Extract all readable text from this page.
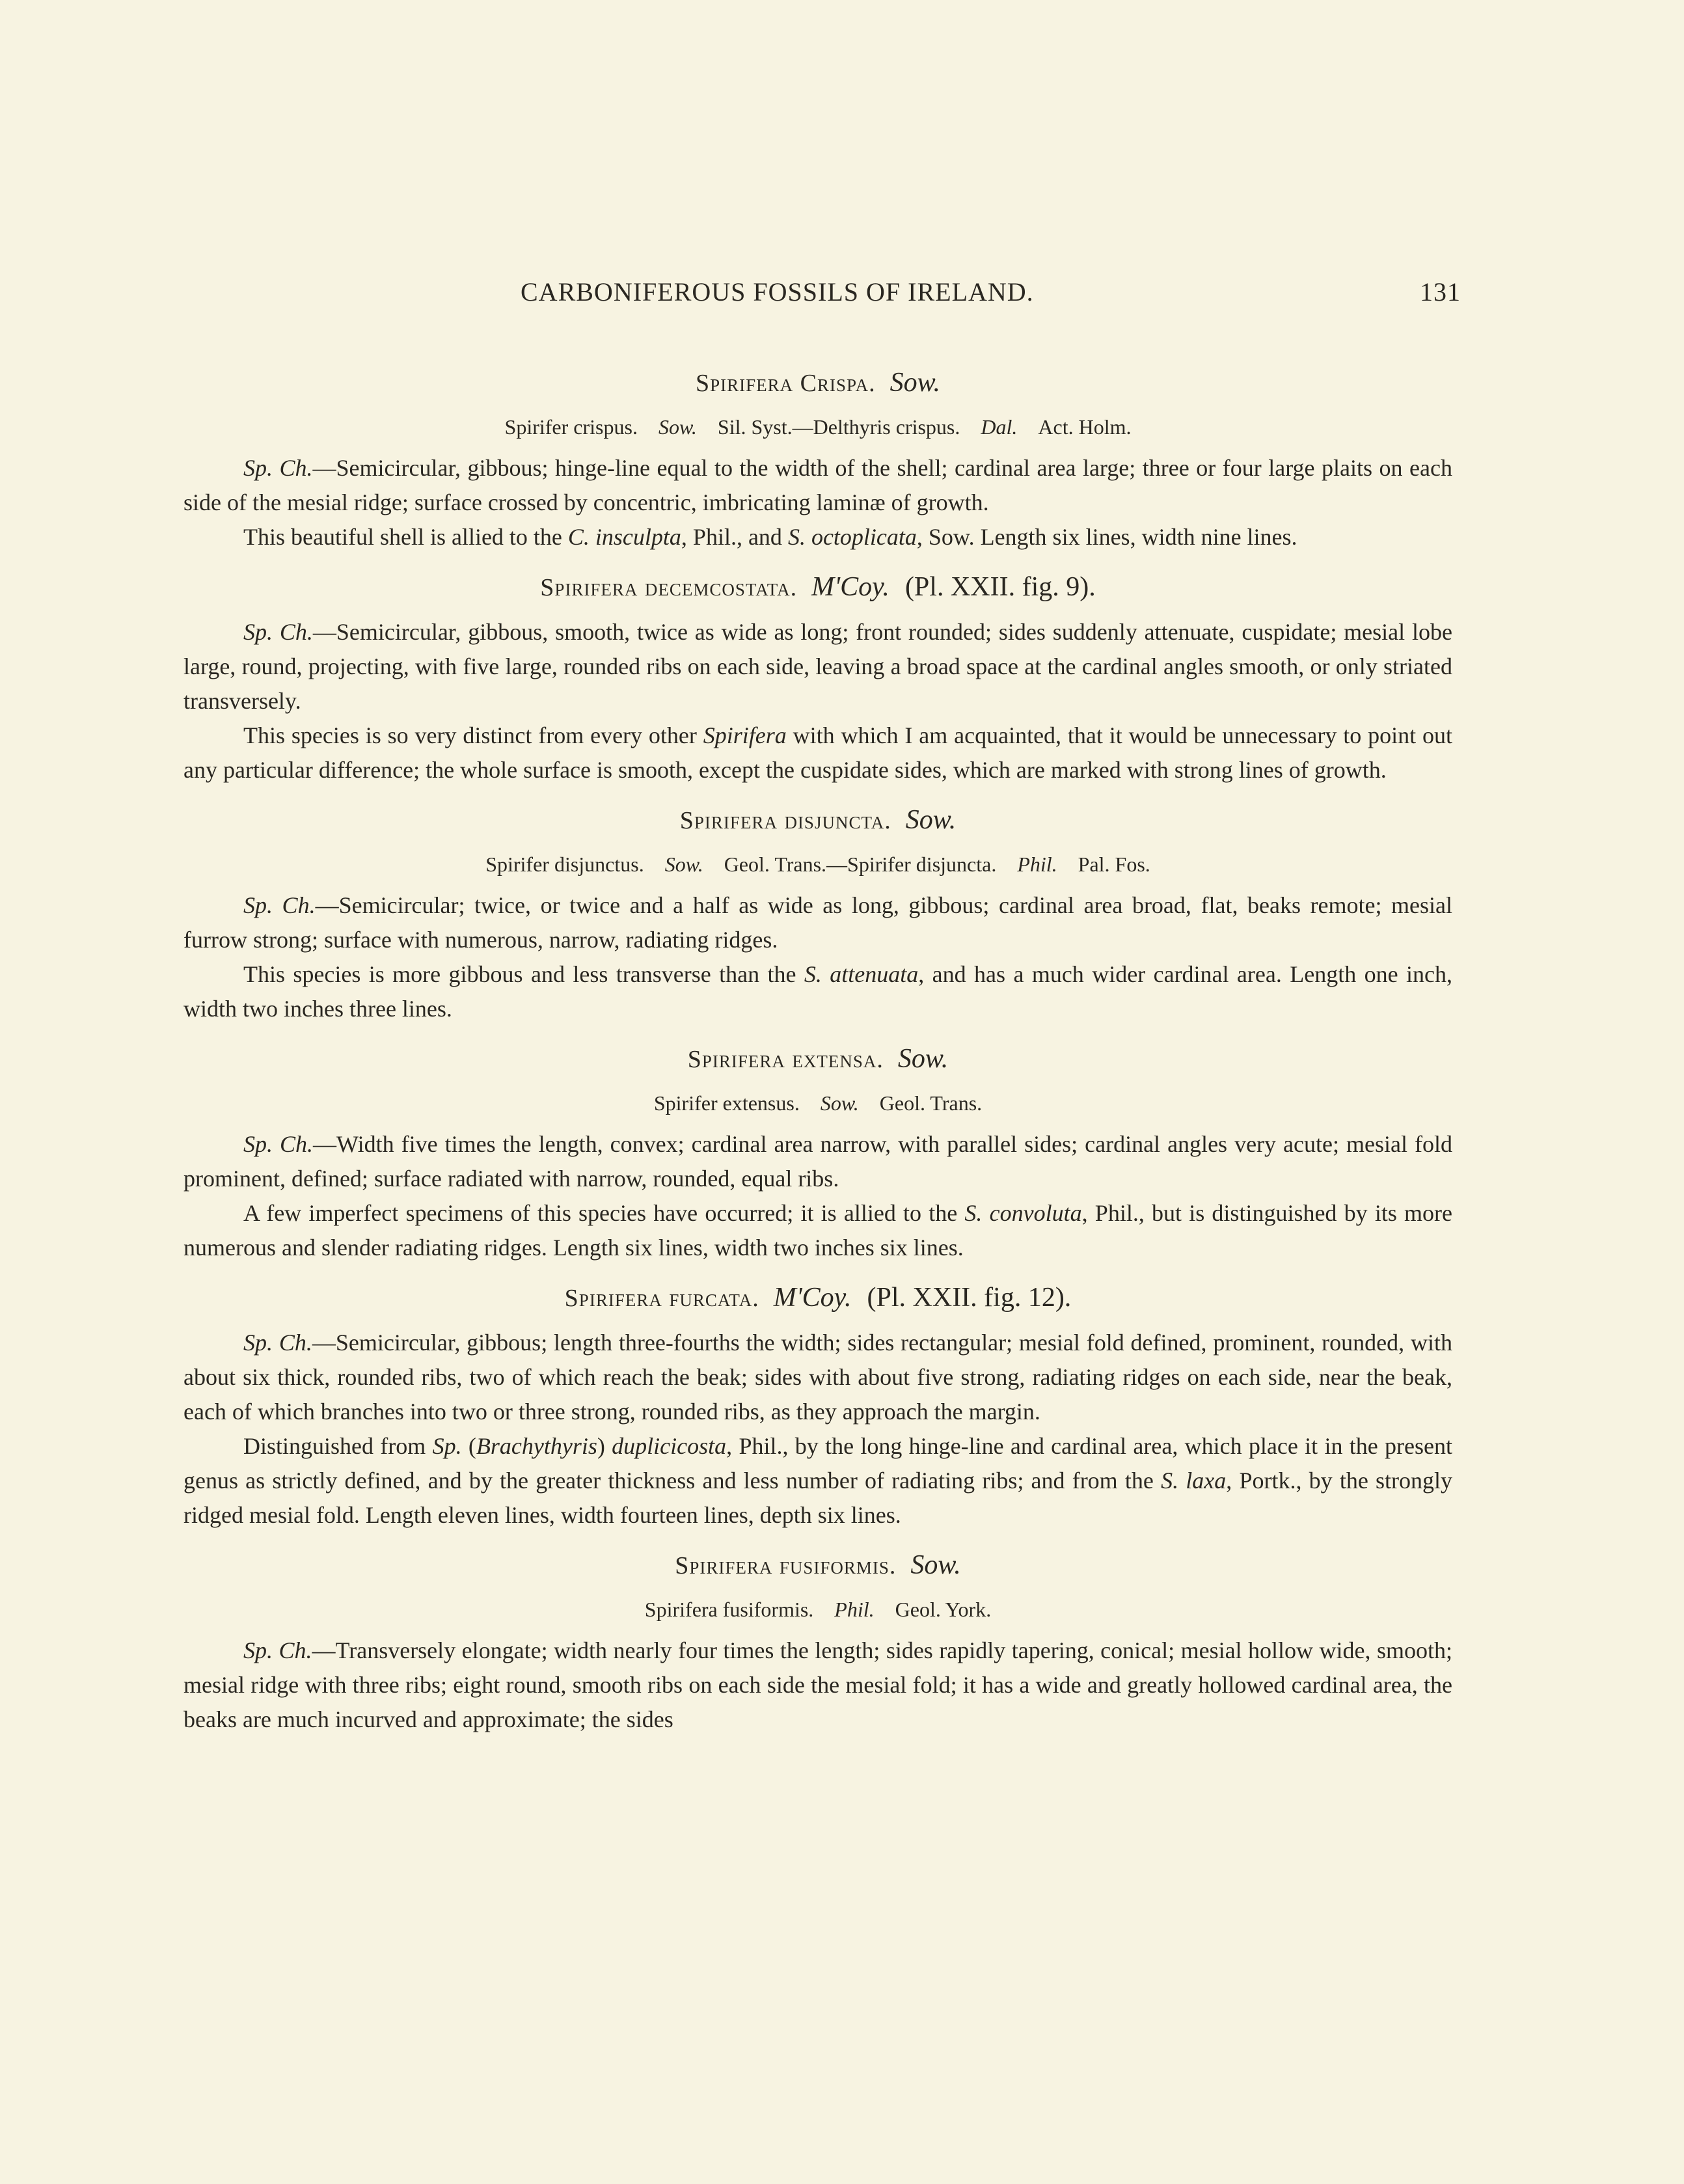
CARBONIFEROUS FOSSILS OF IRELAND.	131
Spirifera Crispa. Sow.
Spirifer crispus.  Sow.  Sil. Syst.—Delthyris crispus.  Dal.  Act. Holm.

Sp. Ch.—Semicircular, gibbous; hinge-line equal to the width of the shell; cardinal area large; three or four large plaits on each side of the mesial ridge; surface crossed by concentric, imbricating laminæ of growth.

This beautiful shell is allied to the C. insculpta, Phil., and S. octoplicata, Sow. Length six lines, width nine lines.

Spirifera decemcostata. M'Coy. (Pl. XXII. fig. 9).

Sp. Ch.—Semicircular, gibbous, smooth, twice as wide as long; front rounded; sides suddenly attenuate, cuspidate; mesial lobe large, round, projecting, with five large, rounded ribs on each side, leaving a broad space at the cardinal angles smooth, or only striated transversely.

This species is so very distinct from every other Spirifera with which I am acquainted, that it would be unnecessary to point out any particular difference; the whole surface is smooth, except the cuspidate sides, which are marked with strong lines of growth.

Spirifera disjuncta. Sow.
Spirifer disjunctus.  Sow.  Geol. Trans.—Spirifer disjuncta.  Phil.  Pal. Fos.

Sp. Ch.—Semicircular; twice, or twice and a half as wide as long, gibbous; cardinal area broad, flat, beaks remote; mesial furrow strong; surface with numerous, narrow, radiating ridges.

This species is more gibbous and less transverse than the S. attenuata, and has a much wider cardinal area. Length one inch, width two inches three lines.

Spirifera extensa. Sow.
Spirifer extensus.  Sow.  Geol. Trans.

Sp. Ch.—Width five times the length, convex; cardinal area narrow, with parallel sides; cardinal angles very acute; mesial fold prominent, defined; surface radiated with narrow, rounded, equal ribs.

A few imperfect specimens of this species have occurred; it is allied to the S. convoluta, Phil., but is distinguished by its more numerous and slender radiating ridges. Length six lines, width two inches six lines.

Spirifera furcata. M'Coy. (Pl. XXII. fig. 12).

Sp. Ch.—Semicircular, gibbous; length three-fourths the width; sides rectangular; mesial fold defined, prominent, rounded, with about six thick, rounded ribs, two of which reach the beak; sides with about five strong, radiating ridges on each side, near the beak, each of which branches into two or three strong, rounded ribs, as they approach the margin.

Distinguished from Sp. (Brachythyris) duplicicosta, Phil., by the long hinge-line and cardinal area, which place it in the present genus as strictly defined, and by the greater thickness and less number of radiating ribs; and from the S. laxa, Portk., by the strongly ridged mesial fold. Length eleven lines, width fourteen lines, depth six lines.

Spirifera fusiformis. Sow.
Spirifera fusiformis.  Phil.  Geol. York.

Sp. Ch.—Transversely elongate; width nearly four times the length; sides rapidly tapering, conical; mesial hollow wide, smooth; mesial ridge with three ribs; eight round, smooth ribs on each side the mesial fold; it has a wide and greatly hollowed cardinal area, the beaks are much incurved and approximate; the sides
